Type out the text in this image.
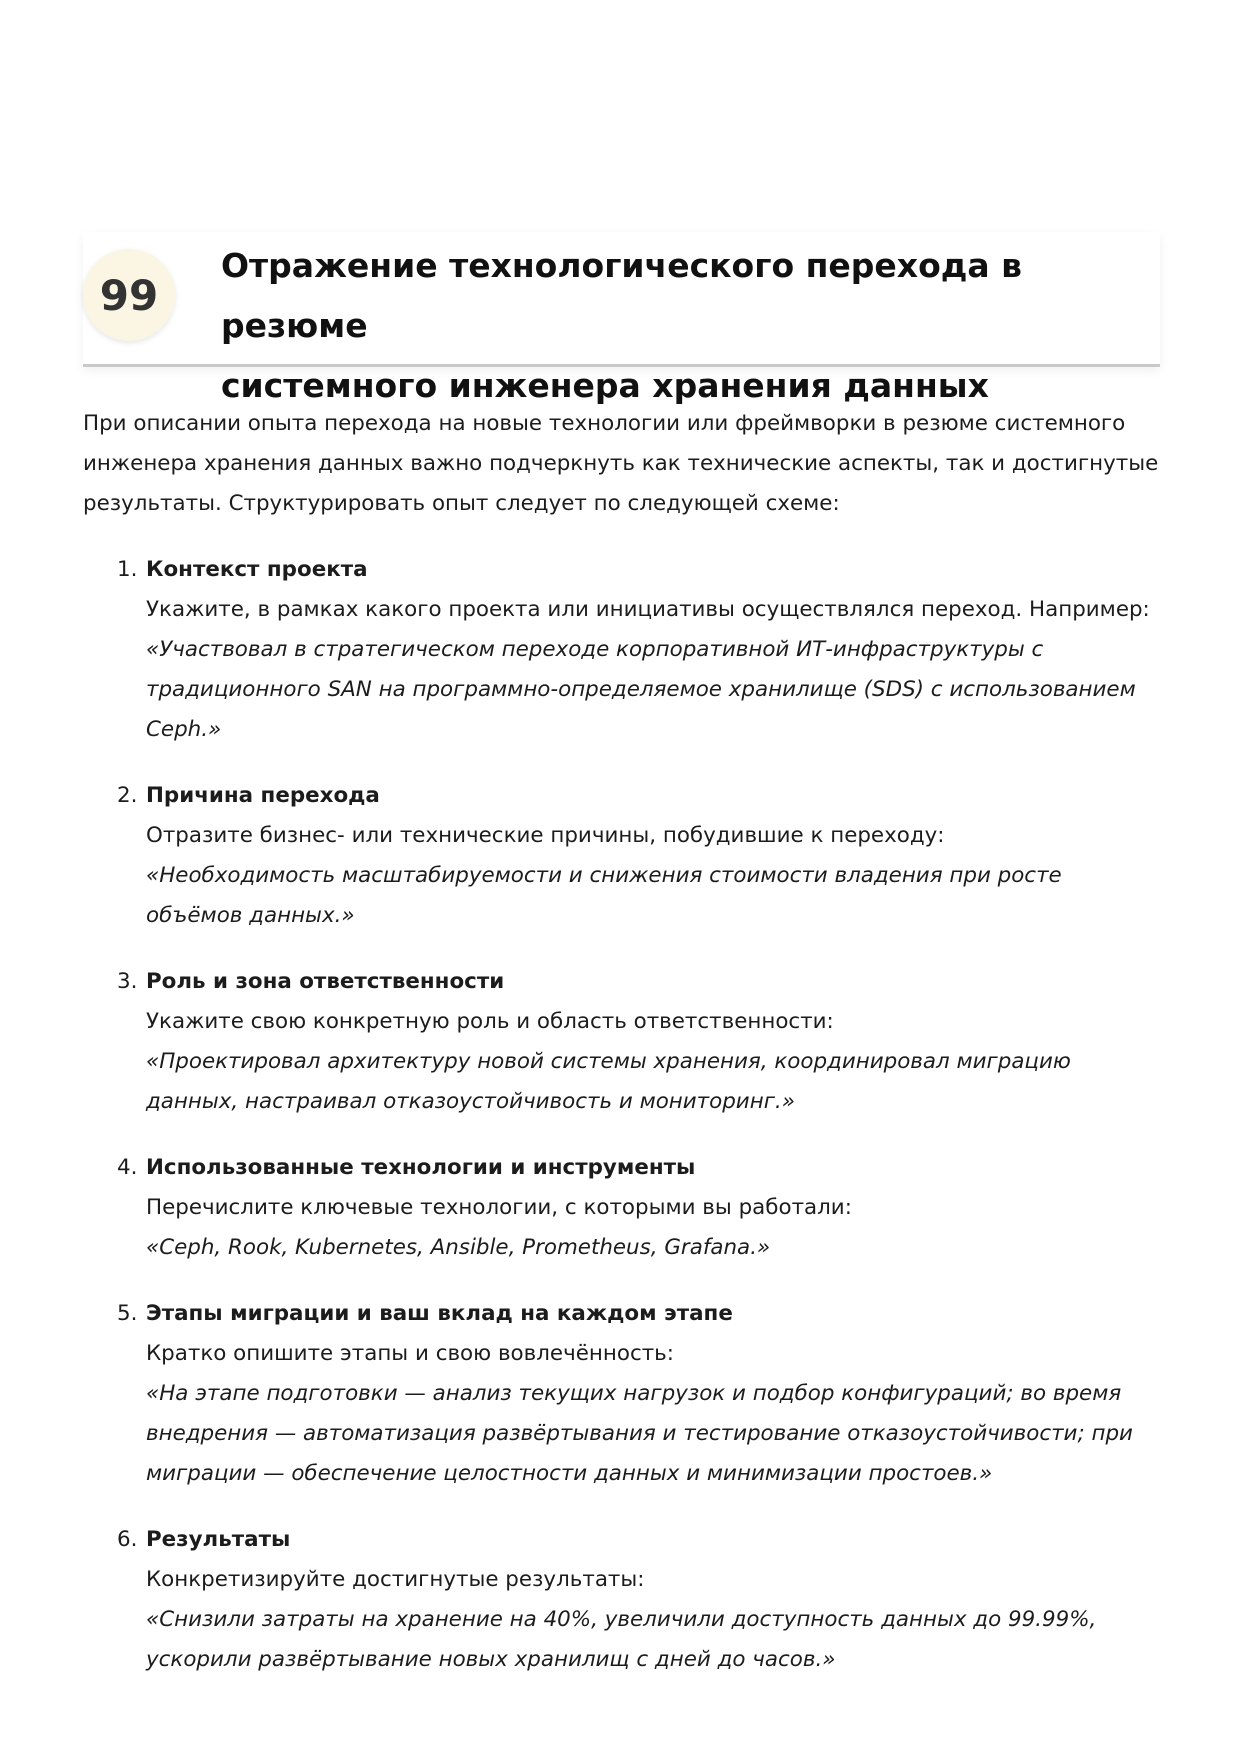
99
Отражение технологического перехода в резюме
системного инженера хранения данных

При описании опыта перехода на новые технологии или фреймворки в резюме системного инженера хранения данных важно подчеркнуть как технические аспекты, так и достигнутые результаты. Структурировать опыт следует по следующей схеме:

1. Контекст проекта
Укажите, в рамках какого проекта или инициативы осуществлялся переход. Например:
«Участвовал в стратегическом переходе корпоративной ИТ-инфраструктуры с традиционного SAN на программно-определяемое хранилище (SDS) с использованием Ceph.»
2. Причина перехода
Отразите бизнес- или технические причины, побудившие к переходу:
«Необходимость масштабируемости и снижения стоимости владения при росте объёмов данных.»
3. Роль и зона ответственности
Укажите свою конкретную роль и область ответственности:
«Проектировал архитектуру новой системы хранения, координировал миграцию данных, настраивал отказоустойчивость и мониторинг.»
4. Использованные технологии и инструменты
Перечислите ключевые технологии, с которыми вы работали:
«Ceph, Rook, Kubernetes, Ansible, Prometheus, Grafana.»
5. Этапы миграции и ваш вклад на каждом этапе
Кратко опишите этапы и свою вовлечённость:
«На этапе подготовки — анализ текущих нагрузок и подбор конфигураций; во время внедрения — автоматизация развёртывания и тестирование отказоустойчивости; при миграции — обеспечение целостности данных и минимизации простоев.»
6. Результаты
Конкретизируйте достигнутые результаты:
«Снизили затраты на хранение на 40%, увеличили доступность данных до 99.99%, ускорили развёртывание новых хранилищ с дней до часов.»
